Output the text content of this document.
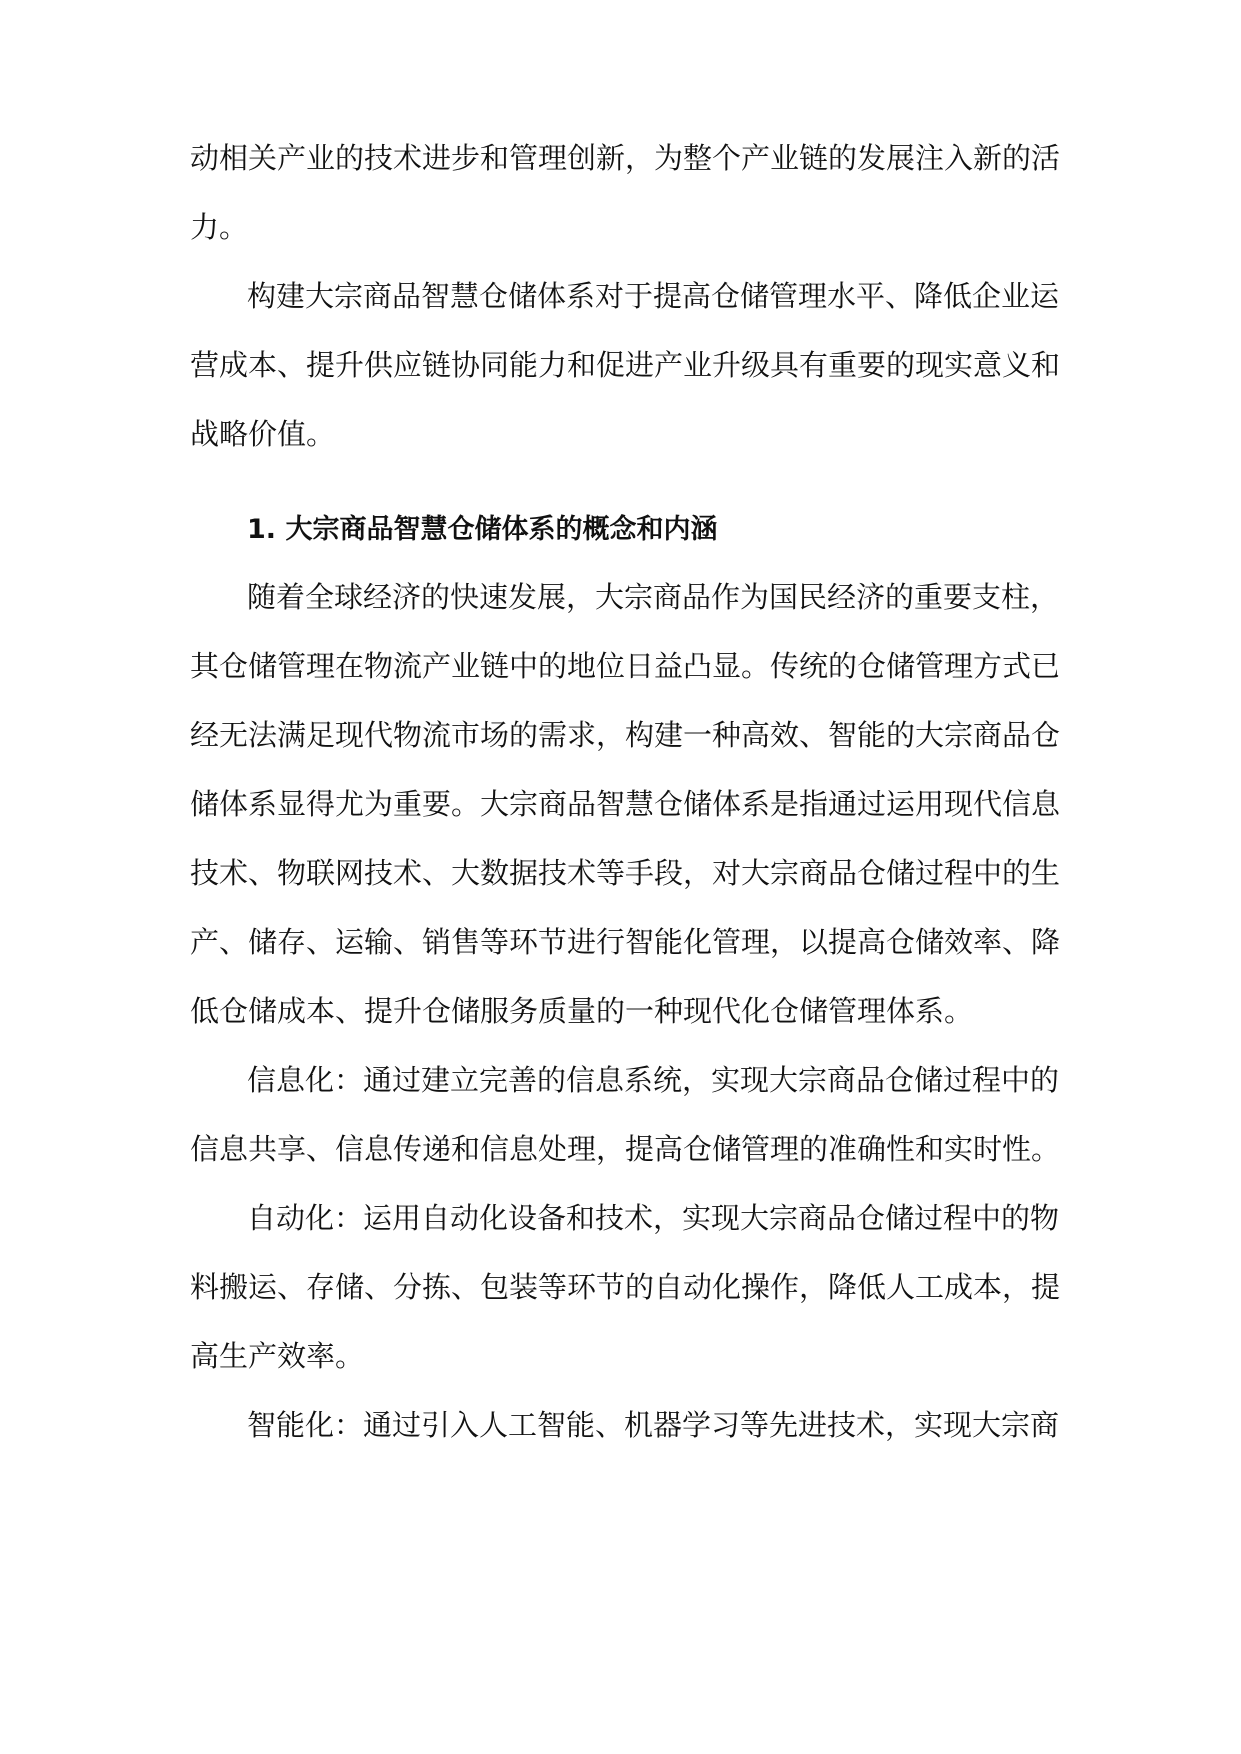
动相关产业的技术进步和管理创新，为整个产业链的发展注入新的活

力。

构建大宗商品智慧仓储体系对于提高仓储管理水平、降低企业运

营成本、提升供应链协同能力和促进产业升级具有重要的现实意义和

战略价值。

1. 大宗商品智慧仓储体系的概念和内涵

随着全球经济的快速发展，大宗商品作为国民经济的重要支柱，

其仓储管理在物流产业链中的地位日益凸显。传统的仓储管理方式已

经无法满足现代物流市场的需求，构建一种高效、智能的大宗商品仓

储体系显得尤为重要。大宗商品智慧仓储体系是指通过运用现代信息

技术、物联网技术、大数据技术等手段，对大宗商品仓储过程中的生

产、储存、运输、销售等环节进行智能化管理，以提高仓储效率、降

低仓储成本、提升仓储服务质量的一种现代化仓储管理体系。

信息化：通过建立完善的信息系统，实现大宗商品仓储过程中的

信息共享、信息传递和信息处理，提高仓储管理的准确性和实时性。

自动化：运用自动化设备和技术，实现大宗商品仓储过程中的物

料搬运、存储、分拣、包装等环节的自动化操作，降低人工成本，提

高生产效率。

智能化：通过引入人工智能、机器学习等先进技术，实现大宗商
